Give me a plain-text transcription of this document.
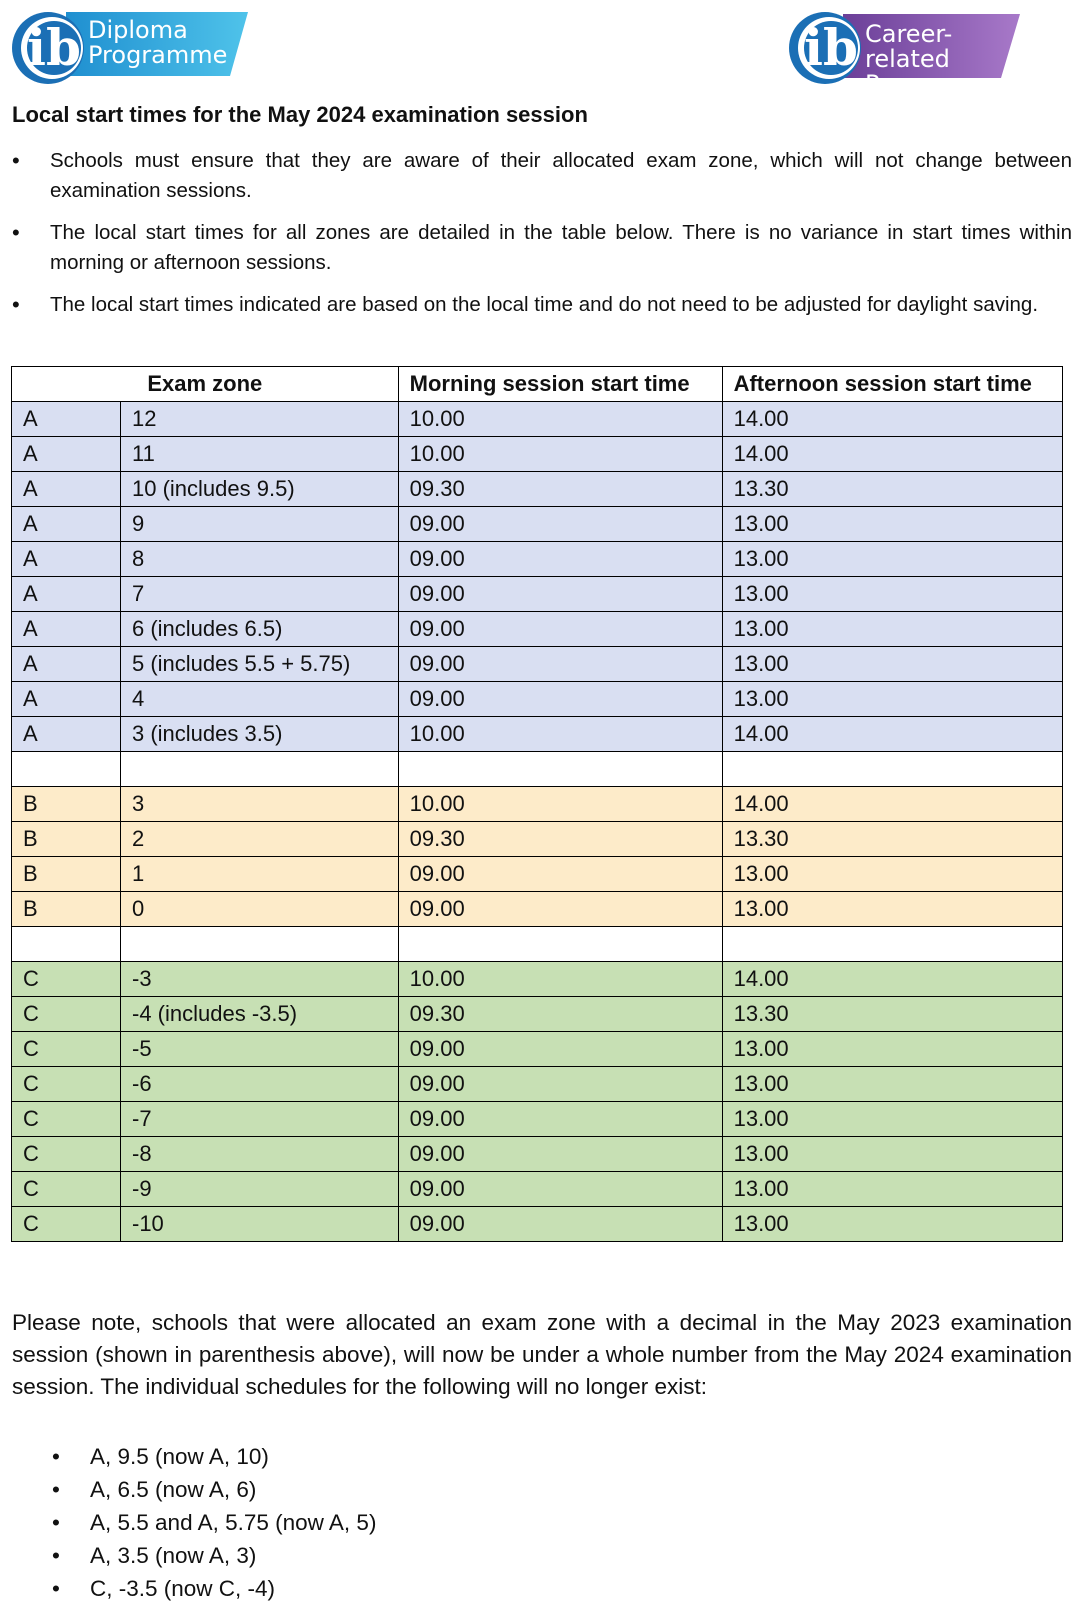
ib Diploma
Programme	ib Career-related
Programme
Local start times for the May 2024 examination session
• Schools must ensure that they are aware of their allocated exam zone, which will not change between examination sessions.
• The local start times for all zones are detailed in the table below. There is no variance in start times within morning or afternoon sessions.
• The local start times indicated are based on the local time and do not need to be adjusted for daylight saving.
Exam zone		Morning session start time	Afternoon session start time
A	12	10.00	14.00
A	11	10.00	14.00
A	10 (includes 9.5)	09.30	13.30
A	9	09.00	13.00
A	8	09.00	13.00
A	7	09.00	13.00
A	6 (includes 6.5)	09.00	13.00
A	5 (includes 5.5 + 5.75)	09.00	13.00
A	4	09.00	13.00
A	3 (includes 3.5)	10.00	14.00

B	3	10.00	14.00
B	2	09.30	13.30
B	1	09.00	13.00
B	0	09.00	13.00

C	-3	10.00	14.00
C	-4 (includes -3.5)	09.30	13.30
C	-5	09.00	13.00
C	-6	09.00	13.00
C	-7	09.00	13.00
C	-8	09.00	13.00
C	-9	09.00	13.00
C	-10	09.00	13.00

Please note, schools that were allocated an exam zone with a decimal in the May 2023 examination session (shown in parenthesis above), will now be under a whole number from the May 2024 examination session. The individual schedules for the following will no longer exist:

• A, 9.5 (now A, 10)
• A, 6.5 (now A, 6)
• A, 5.5 and A, 5.75 (now A, 5)
• A, 3.5 (now A, 3)
• C, -3.5 (now C, -4)
